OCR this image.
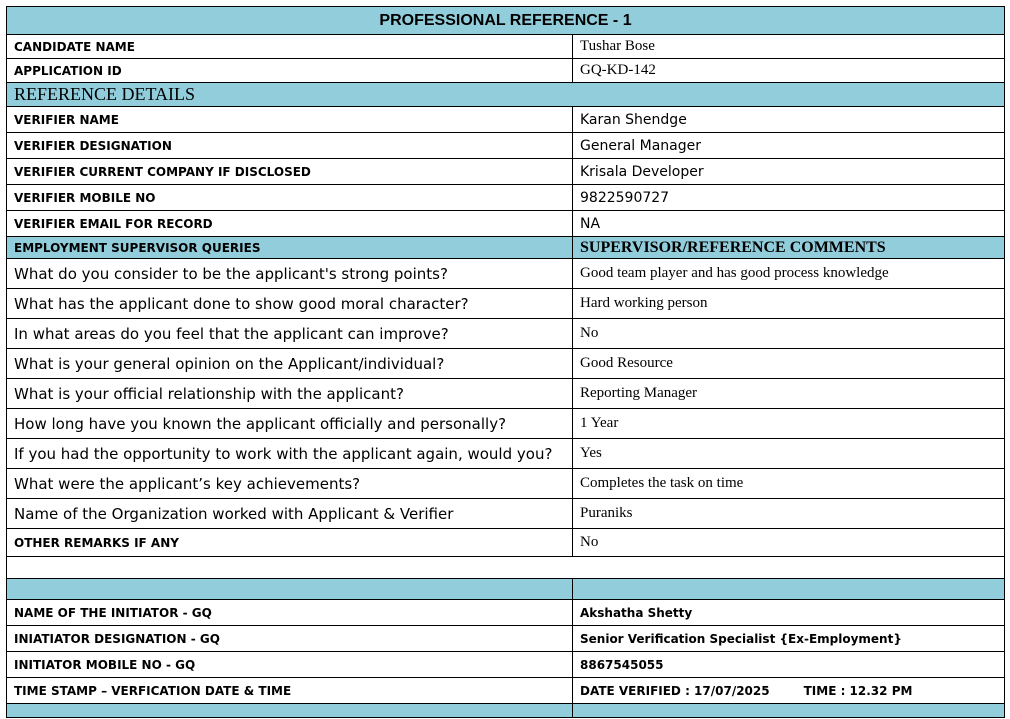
PROFESSIONAL REFERENCE - 1	
CANDIDATE NAME	Tushar Bose
APPLICATION ID	GQ-KD-142
REFERENCE DETAILS	
VERIFIER NAME	Karan Shendge
VERIFIER DESIGNATION	General Manager
VERIFIER CURRENT COMPANY IF DISCLOSED	Krisala Developer
VERIFIER MOBILE NO	9822590727
VERIFIER EMAIL FOR RECORD	NA
EMPLOYMENT SUPERVISOR QUERIES	SUPERVISOR/REFERENCE COMMENTS
What do you consider to be the applicant's strong points?	Good team player and has good process knowledge
What has the applicant done to show good moral character?	Hard working person
In what areas do you feel that the applicant can improve?	No
What is your general opinion on the Applicant/individual?	Good Resource
What is your official relationship with the applicant?	Reporting Manager
How long have you known the applicant officially and personally?	1 Year
If you had the opportunity to work with the applicant again, would you?	Yes
What were the applicant’s key achievements?	Completes the task on time
Name of the Organization worked with Applicant & Verifier	Puraniks
OTHER REMARKS IF ANY	No

NAME OF THE INITIATOR - GQ	Akshatha Shetty
INIATIATOR DESIGNATION - GQ	Senior Verification Specialist {Ex-Employment}
INITIATOR MOBILE NO - GQ	8867545055
TIME STAMP – VERFICATION DATE & TIME	DATE VERIFIED : 17/07/2025 TIME : 12.32 PM
